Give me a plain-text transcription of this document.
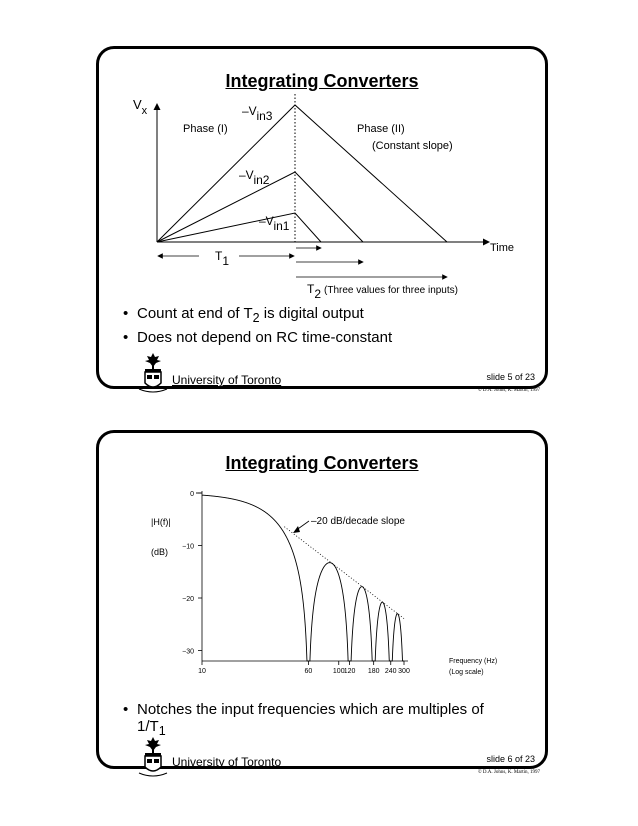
Integrating Converters
$V_x$
Time
Phase (I)	Phase (II)
(Constant slope)
–Vin3
–Vin2
–Vin1
T1
T2 $^{(Three values for three inputs)}$
• Count at end of $T_2$ is digital output
• Does not depend on RC time-constant
University of Toronto	slide 5 of 23
© D.A. Johns, K. Martin, 1997
Integrating Converters
0
−10
−20
−30
10	60	100 120 180 240 300
|H(f)|
(dB)
Frequency (Hz)
(Log scale)
–20 dB/decade slope
• Notches the input frequencies which are multiples of
$1/T_1$
University of Toronto	slide 6 of 23
© D.A. Johns, K. Martin, 1997
